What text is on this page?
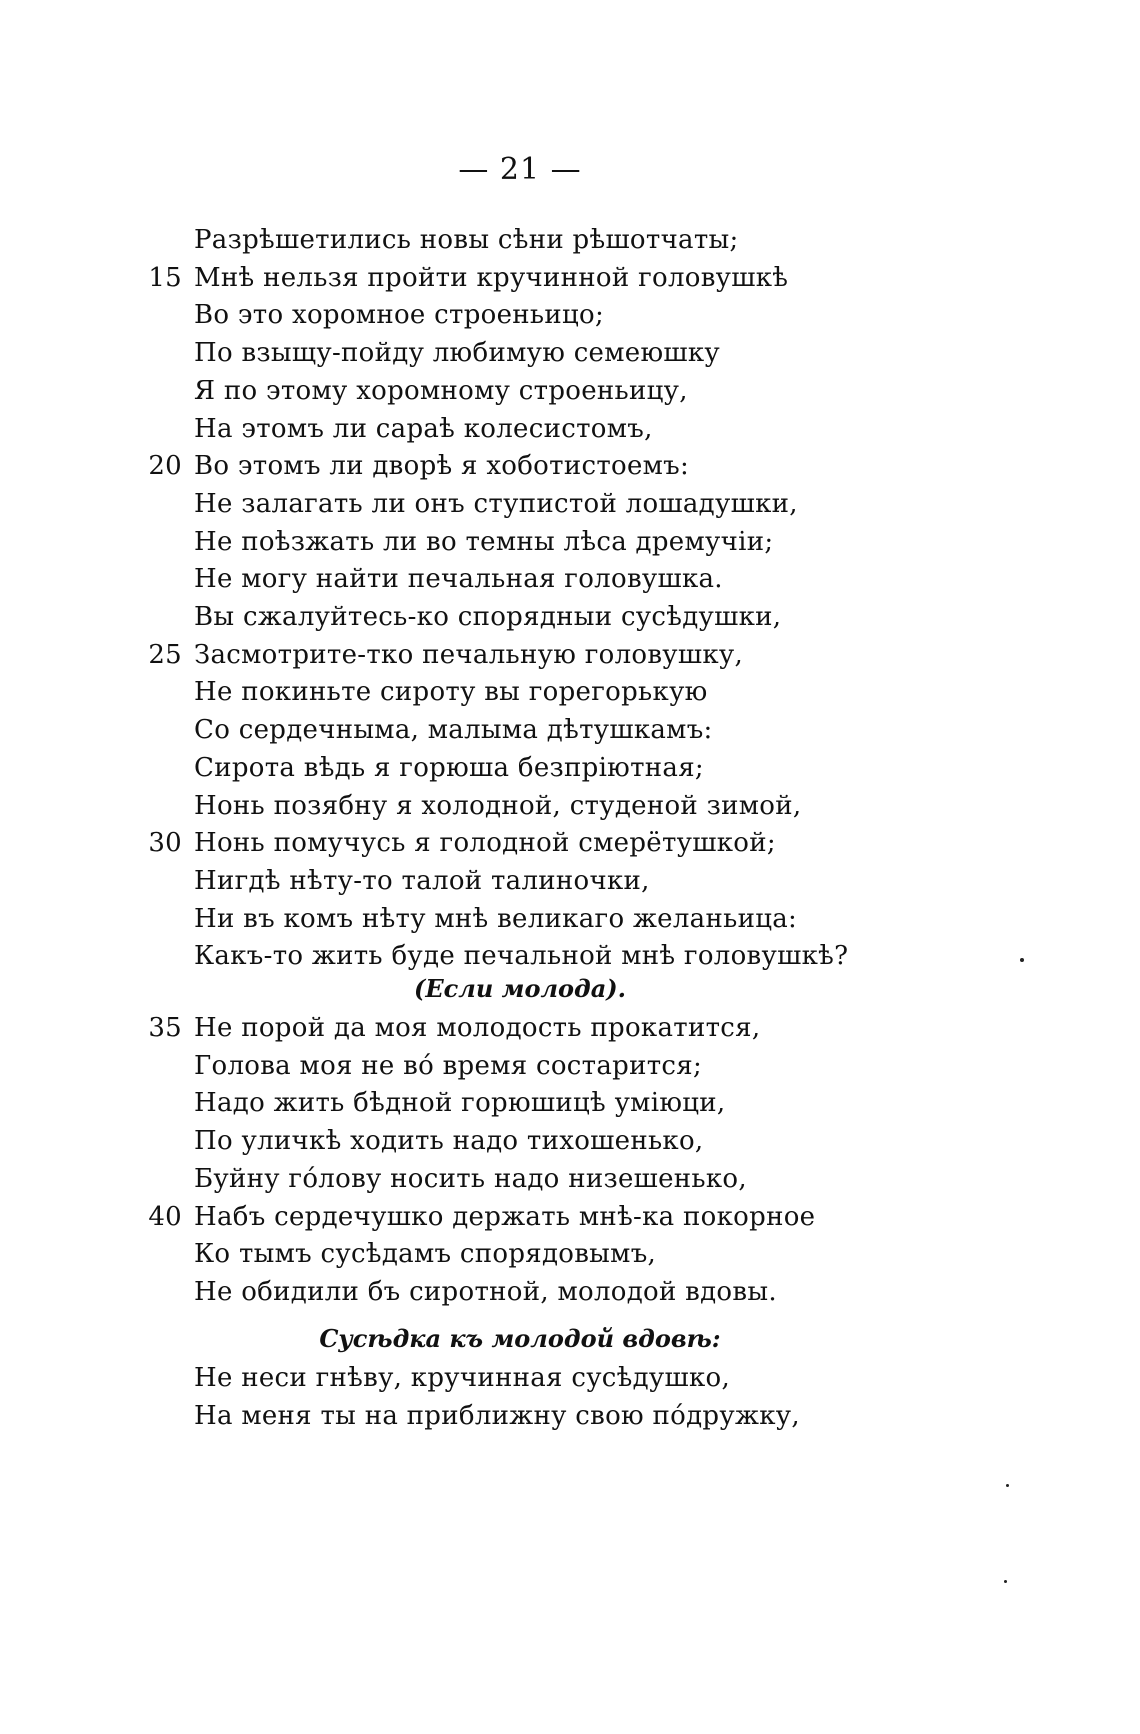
— 21 —
Разрѣшетились новы сѣни рѣшотчаты;
15 Мнѣ нельзя пройти кручинной головушкѣ
Во это хоромное строеньицо;
По взыщу-пойду любимую семеюшку
Я по этому хоромному строеньицу,
На этомъ ли сараѣ колесистомъ,
20 Во этомъ ли дворѣ я хоботистоемъ:
Не залагать ли онъ ступистой лошадушки,
Не поѣзжать ли во темны лѣса дремучіи;
Не могу найти печальная головушка.
Вы сжалуйтесь-ко спорядныи сусѣдушки,
25 Засмотрите-тко печальную головушку,
Не покиньте сироту вы горегорькую
Со сердечныма, малыма дѣтушкамъ:
Сирота вѣдь я горюша безпріютная;
Нонь позябну я холодной, студеной зимой,
30 Нонь помучусь я голодной смерётушкой;
Нигдѣ нѣту-то талой талиночки,
Ни въ комъ нѣту мнѣ великаго желаньица:
Какъ-то жить буде печальной мнѣ головушкѣ?
(Если молода).
35 Не порой да моя молодость прокатится,
Голова моя не во́ время состарится;
Надо жить бѣдной горюшицѣ уміюци,
По уличкѣ ходить надо тихошенько,
Буйну го́лову носить надо низешенько,
40 Набъ сердечушко держать мнѣ-ка покорное
Ко тымъ сусѣдамъ спорядовымъ,
Не обидили бъ сиротной, молодой вдовы.
Сусѣдка къ молодой вдовѣ:
Не неси гнѣву, кручинная сусѣдушко,
На меня ты на приближну свою по́дружку,
